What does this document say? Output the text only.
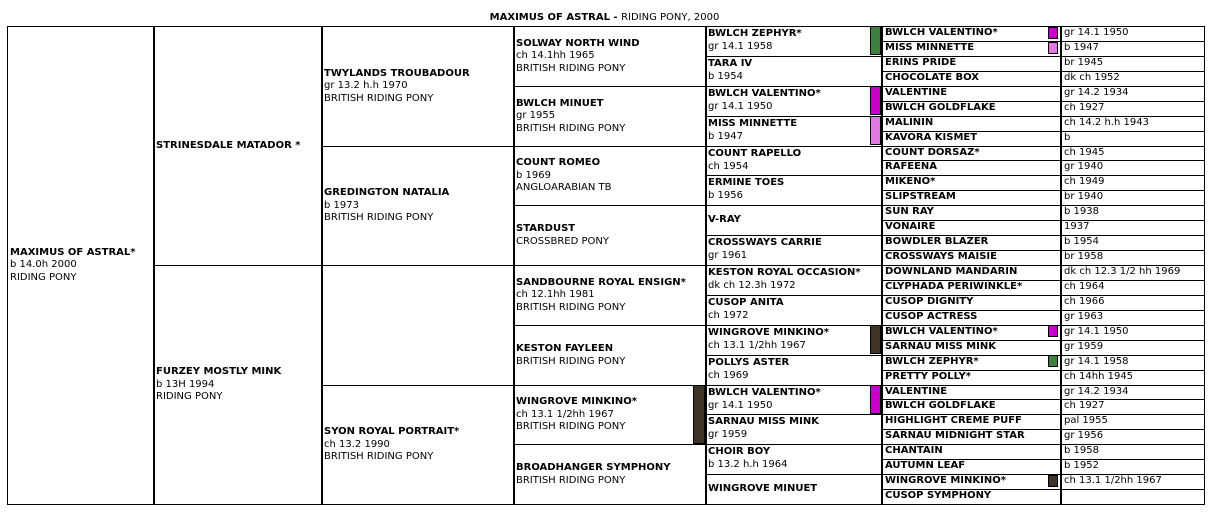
MAXIMUS OF ASTRAL - RIDING PONY, 2000
MAXIMUS OF ASTRAL*
b 14.0h 2000
RIDING PONY
STRINESDALE MATADOR *
FURZEY MOSTLY MINK
b 13H 1994
RIDING PONY
TWYLANDS TROUBADOUR
gr 13.2 h.h 1970
BRITISH RIDING PONY
GREDINGTON NATALIA
b 1973
BRITISH RIDING PONY
SYON ROYAL PORTRAIT*
ch 13.2 1990
BRITISH RIDING PONY
SOLWAY NORTH WIND
ch 14.1hh 1965
BRITISH RIDING PONY
BWLCH MINUET
gr 1955
BRITISH RIDING PONY
COUNT ROMEO
b 1969
ANGLOARABIAN TB
STARDUST
CROSSBRED PONY
SANDBOURNE ROYAL ENSIGN*
ch 12.1hh 1981
BRITISH RIDING PONY
KESTON FAYLEEN
BRITISH RIDING PONY
WINGROVE MINKINO*
ch 13.1 1/2hh 1967
BRITISH RIDING PONY
BROADHANGER SYMPHONY
BRITISH RIDING PONY
BWLCH ZEPHYR*
gr 14.1 1958
TARA IV
b 1954
BWLCH VALENTINO*
gr 14.1 1950
MISS MINNETTE
b 1947
COUNT RAPELLO
ch 1954
ERMINE TOES
b 1956
V-RAY
CROSSWAYS CARRIE
gr 1961
KESTON ROYAL OCCASION*
dk ch 12.3h 1972
CUSOP ANITA
ch 1972
WINGROVE MINKINO*
ch 13.1 1/2hh 1967
POLLYS ASTER
ch 1969
BWLCH VALENTINO*
gr 14.1 1950
SARNAU MISS MINK
gr 1959
CHOIR BOY
b 13.2 h.h 1964
WINGROVE MINUET
BWLCH VALENTINO*	gr 14.1 1950
MISS MINNETTE	b 1947
ERINS PRIDE	br 1945
CHOCOLATE BOX	dk ch 1952
VALENTINE	gr 14.2 1934
BWLCH GOLDFLAKE	ch 1927
MALININ	ch 14.2 h.h 1943
KAVORA KISMET	b
COUNT DORSAZ*	ch 1945
RAFEENA	gr 1940
MIKENO*	ch 1949
SLIPSTREAM	br 1940
SUN RAY	b 1938
VONAIRE	1937
BOWDLER BLAZER	b 1954
CROSSWAYS MAISIE	br 1958
DOWNLAND MANDARIN	dk ch 12.3 1/2 hh 1969
CLYPHADA PERIWINKLE*	ch 1964
CUSOP DIGNITY	ch 1966
CUSOP ACTRESS	gr 1963
BWLCH VALENTINO*	gr 14.1 1950
SARNAU MISS MINK	gr 1959
BWLCH ZEPHYR*	gr 14.1 1958
PRETTY POLLY*	ch 14hh 1945
VALENTINE	gr 14.2 1934
BWLCH GOLDFLAKE	ch 1927
HIGHLIGHT CREME PUFF	pal 1955
SARNAU MIDNIGHT STAR	gr 1956
CHANTAIN	b 1958
AUTUMN LEAF	b 1952
WINGROVE MINKINO*	ch 13.1 1/2hh 1967
CUSOP SYMPHONY
